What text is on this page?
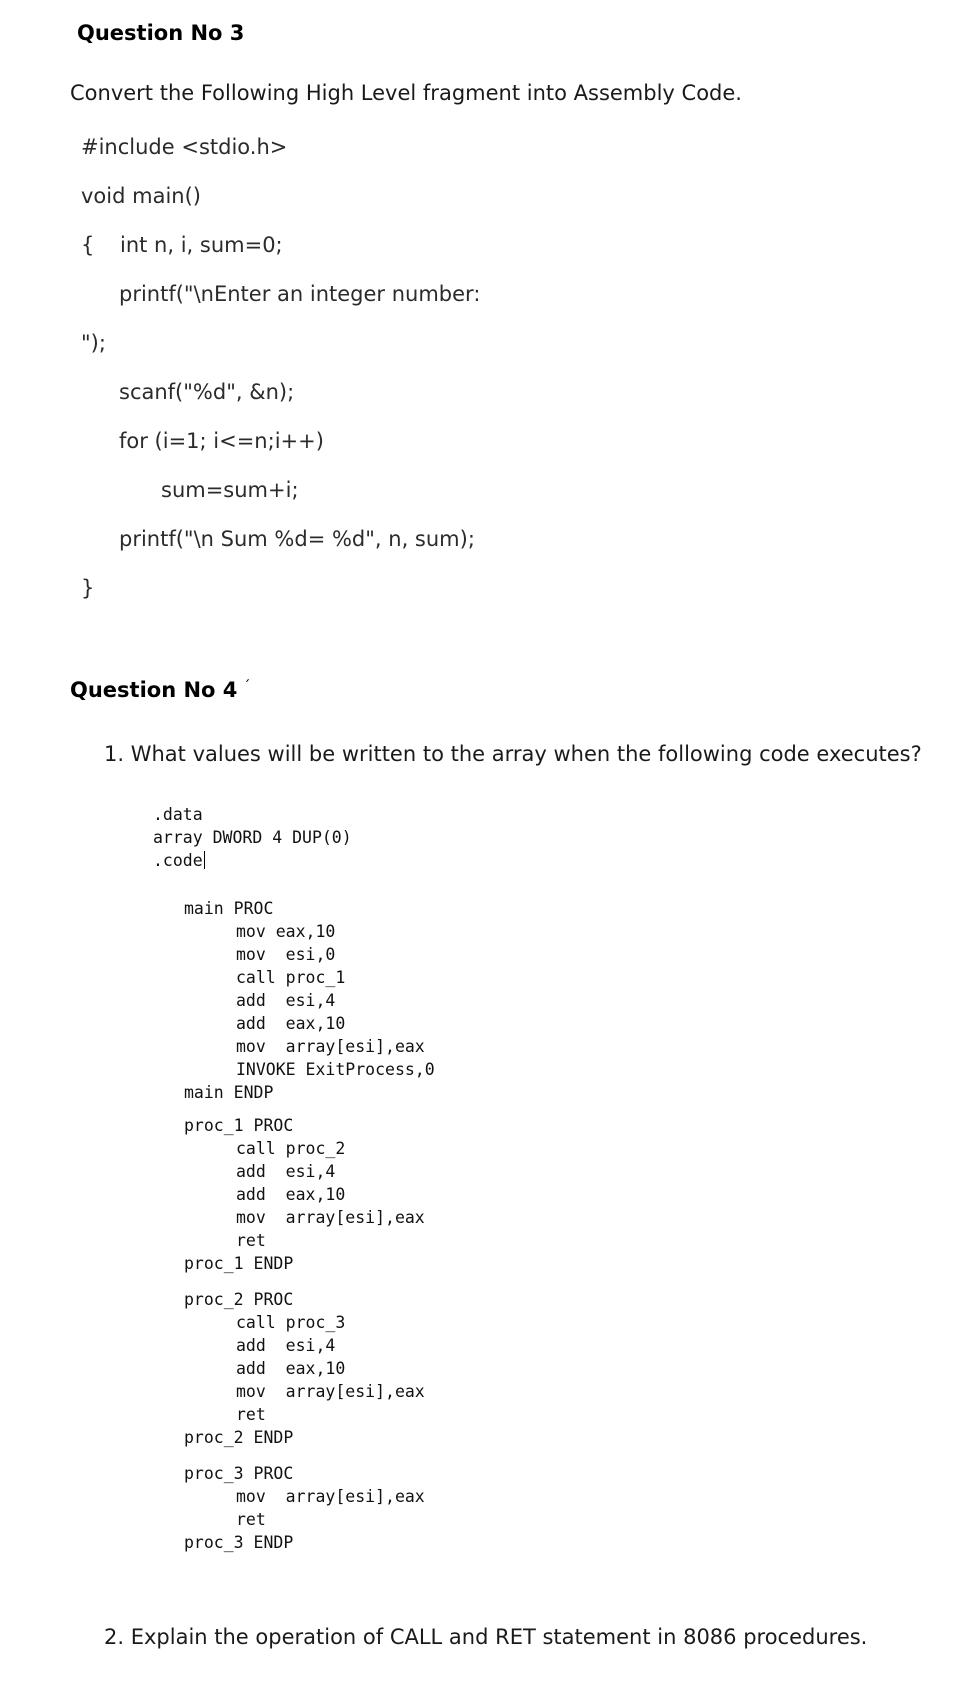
Question No 3
Convert the Following High Level fragment into Assembly Code.
#include <stdio.h>
void main()
{ int n, i, sum=0;
printf("\nEnter an integer number:
");
scanf("%d", &n);
for (i=1; i<=n;i++)
sum=sum+i;
printf("\n Sum %d= %d", n, sum);
}
Question No 4 ´
1. What values will be written to the array when the following code executes?
.data
array DWORD 4 DUP(0)
.code
main PROC
mov eax,10
mov  esi,0
call proc_1
add  esi,4
add  eax,10
mov  array[esi],eax
INVOKE ExitProcess,0
main ENDP
proc_1 PROC
call proc_2
add  esi,4
add  eax,10
mov  array[esi],eax
ret
proc_1 ENDP
proc_2 PROC
call proc_3
add  esi,4
add  eax,10
mov  array[esi],eax
ret
proc_2 ENDP
proc_3 PROC
mov  array[esi],eax
ret
proc_3 ENDP
2. Explain the operation of CALL and RET statement in 8086 procedures.
